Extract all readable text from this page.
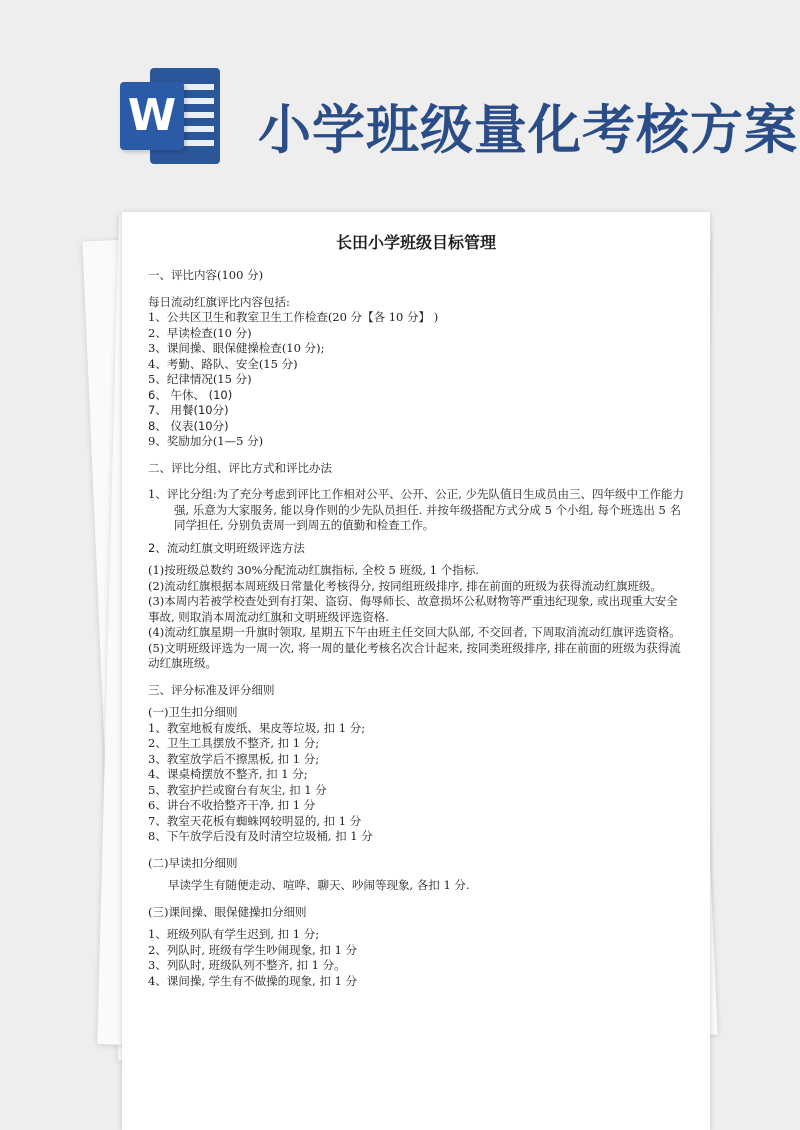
W 小学班级量化考核方案
长田小学班级目标管理
一、评比内容(100 分)
每日流动红旗评比内容包括:
1、公共区卫生和教室卫生工作检查(20 分【各 10 分】 )
2、早读检查(10 分)
3、课间操、眼保健操检查(10 分);
4、考勤、路队、安全(15 分)
5、纪律情况(15 分)
6、 午休、 (10)
7、 用餐(10分)
8、 仪表(10分)
9、奖励加分(1—5 分)
二、评比分组、评比方式和评比办法
1、评比分组:为了充分考虑到评比工作相对公平、公开、公正, 少先队值日生成员由三、四年级中工作能力强, 乐意为大家服务, 能以身作则的少先队员担任. 并按年级搭配方式分成 5 个小组, 每个班选出 5 名同学担任, 分别负责周一到周五的值勤和检查工作。
2、流动红旗文明班级评选方法
(1)按班级总数约 30%分配流动红旗指标, 全校 5 班级, 1 个指标.
(2)流动红旗根据本周班级日常量化考核得分, 按同组班级排序, 排在前面的班级为获得流动红旗班级。
(3)本周内若被学校查处到有打架、盗窃、侮辱师长、故意损坏公私财物等严重违纪现象, 或出现重大安全事故, 则取消本周流动红旗和文明班级评选资格.
(4)流动红旗星期一升旗时领取, 星期五下午由班主任交回大队部, 不交回者, 下周取消流动红旗评选资格。
(5)文明班级评选为一周一次, 将一周的量化考核名次合计起来, 按同类班级排序, 排在前面的班级为获得流动红旗班级。
三、评分标准及评分细则
(一)卫生扣分细则
1、教室地板有废纸、果皮等垃圾, 扣 1 分;
2、卫生工具摆放不整齐, 扣 1 分;
3、教室放学后不擦黑板, 扣 1 分;
4、课桌椅摆放不整齐, 扣 1 分;
5、教室护拦或窗台有灰尘, 扣 1 分
6、讲台不收拾整齐干净, 扣 1 分
7、教室天花板有蜘蛛网较明显的, 扣 1 分
8、下午放学后没有及时清空垃圾桶, 扣 1 分
(二)早读扣分细则
早读学生有随便走动、喧哗、聊天、吵闹等现象, 各扣 1 分.
(三)课间操、眼保健操扣分细则
1、班级列队有学生迟到, 扣 1 分;
2、列队时, 班级有学生吵闹现象, 扣 1 分
3、列队时, 班级队列不整齐, 扣 1 分。
4、课间操, 学生有不做操的现象, 扣 1 分
